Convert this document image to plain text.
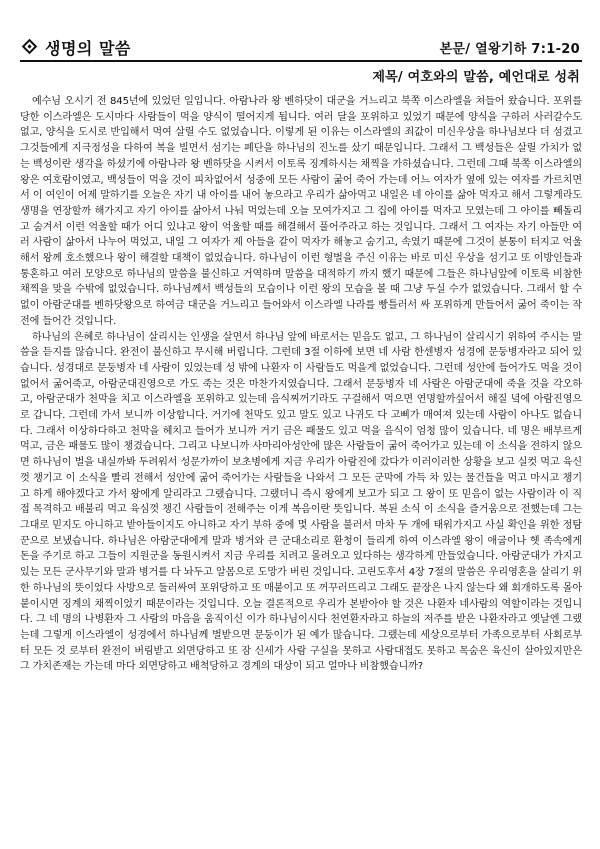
생명의 말씀	본문/ 열왕기하 7:1-20
제목/ 여호와의 말씀, 예언대로 성취

예수님 오시기 전 845년에 있었던 일입니다. 아람나라 왕 벤하닷이 대군을 거느리고 북쪽 이스라엘을 쳐들어 왔습니다. 포위를 당한 이스라엘은 도시마다 사람들이 먹을 양식이 떨어지게 됩니다. 여러 달을 포위하고 있었기 때문에 양식을 구하러 사러갈수도 없고, 양식을 도시로 반입해서 먹여 살릴 수도 없었습니다. 이렇게 된 이유는 이스라엘의 죄값이 미신우상을 하나님보다 더 섬겼고 그것들에게 지극정성을 다하여 복을 빌면서 섬기는 폐단을 하나님의 진노를 샀기 때문입니다. 그래서 그 백성들은 살릴 가치가 없는 백성이란 생각을 하셨기에 아람나라 왕 벤하닷을 시켜서 이토록 징계하시는 채찍을 가하셨습니다. 그런데 그때 북쪽 이스라엘의 왕은 여호람이였고, 백성들이 먹을 것이 피차없어서 성중에 모든 사람이 굶어 죽어 가는데 어느 여자가 옆에 있는 여자를 가르치면서 이 여인이 어제 말하기를 오늘은 자기 내 아이를 내어 놓으라고 우리가 삶아먹고 내일은 네 아이를 삶아 먹자고 해서 그렇게라도 생명을 연장할까 해가지고 자기 아이를 삶아서 나눠 먹었는데 오늘 모여가지고 그 집에 아이를 먹자고 모였는데 그 아이를 빼돌리고 숨겨서 이런 억울할 때가 어디 있냐고 왕이 억울할 때를 해결해서 풀어주라고 하는 것입니다. 그래서 그 여자는 자기 아들만 여러 사람이 삶아서 나누어 먹었고, 내일 그 여자가 제 아들을 같이 먹자가 해놓고 숨기고, 속였기 때문에 그것이 분통이 터지고 억울해서 왕께 호소했으나 왕이 해결할 대책이 없었습니다. 하나님이 이런 형벌을 주신 이유는 바로 미신 우상을 섬기고 또 이방인들과 통혼하고 여러 모양으로 하나님의 말씀을 불신하고 거역하며 말씀을 대적하기 까지 했기 때문에 그들은 하나님앞에 이토록 비참한 채찍을 맞을 수밖에 없었습니다. 하나님께서 백성들의 모습이나 이런 왕의 모습을 볼 때 그냥 두실 수가 없었습니다. 그래서 할 수 없이 아람군대를 벤하닷왕으로 하여금 대군을 거느리고 들어와서 이스라엘 나라를 빵틀러서 싸 포위하게 만들어서 굶어 죽이는 작전에 들어간 것입니다.

하나님의 은혜로 하나님이 살리시는 인생을 살면서 하나님 앞에 바로서는 믿음도 없고, 그 하나님이 살리시기 위하여 주시는 말씀을 듣지를 않습니다. 완전이 불신하고 무시해 버립니다. 그런데 3절 이하에 보면 네 사람 한센병자 성경에 문둥병자라고 되어 있습니다. 성경대로 문둥병자 네 사람이 있었는데 성 밖에 나환자 이 사람들도 먹을게 없었습니다. 그런데 성안에 들어가도 먹을 것이 없어서 굶어죽고, 아람군대진영으로 가도 죽는 것은 마찬가지였습니다. 그래서 문둥병자 네 사람은 아람군대에 죽을 것을 각오하고, 아람군대가 천막을 치고 이스라엘을 포위하고 있는데 음식찌꺼기라도 구걸해서 먹으면 연명할까싶어서 해질 녘에 아람진영으로 갑니다. 그런데 가서 보니까 이상합니다. 거기에 천막도 있고 말도 있고 나귀도 다 고삐가 매여져 있는데 사람이 아나도 없습니다. 그래서 이상하다하고 천막을 헤치고 들어가 보니까 거기 금은 패물도 있고 먹을 음식이 엄청 많이 있습니다. 네 명은 배부르게 먹고, 금은 패물도 많이 챙겼습니다. 그리고 나보니까 사마리아성안에 많은 사람들이 굶어 죽어가고 있는데 이 소식을 전하지 않으면 하나님이 벌을 내실까봐 두려워서 성문가까이 보초병에게 지금 우리가 아람진에 갔다가 이러이러한 상황을 보고 실컷 먹고 육신껏 챙기고 이 소식을 빨리 전해서 성안에 굶어 죽어가는 사람들을 나와서 그 모든 군막에 가득 차 있는 물건들을 먹고 마시고 챙기고 하게 해야겠다고 가서 왕에게 알리라고 그랬습니다. 그랬더니 즉시 왕에게 보고가 되고 그 왕이 또 믿음이 없는 사람이라 이 직접 목격하고 배불리 먹고 육심껏 챙긴 사람들이 전해주는 이게 복음이란 뜻입니다. 복된 소식 이 소식을 즐거움으로 전했는데 그는 그대로 믿지도 아니하고 받아들이지도 아니하고 자기 부하 중에 몇 사람을 불러서 마차 두 개에 태워가지고 사실 확인을 위한 정탐꾼으로 보냈습니다. 하나님은 아람군대에게 말과 병거와 큰 군대소리로 환청이 들리게 하여 이스라엘 왕이 애굽이나 헷 족속에게 돈을 주기로 하고 그들이 지원군을 동원시켜서 지금 우리를 치려고 몰려오고 있다하는 생각하게 만들었습니다. 아람군대가 가지고 있는 모든 군사무기와 말과 병거를 다 놔두고 알몸으로 도망가 버린 것입니다. 고린도후서 4장 7절의 말씀은 우리영혼을 살리기 위한 하나님의 뜻이었다 사방으로 둘러싸여 포위당하고 또 매붙이고 또 꺼꾸러뜨리고 그래도 끝장은 나지 않는다 왜 회개하도록 몰아붙이시면 징계의 채찍이었기 때문이라는 것입니다. 오늘 결론적으로 우리가 본받아야 할 것은 나환자 네사람의 역할이라는 것입니다. 그 네 명의 나병환자 그 사람의 마음을 움직이신 이가 하나님이시다 천연환자라고 하늘의 저주를 받은 나환자라고 옛날엔 그랬는데 그렇게 이스라엘이 성경에서 하나님께 벌받으면 문둥이가 된 예가 많습니다. 그랬는데 세상으로부터 가족으로부터 사회로부터 모든 것 로부터 완전이 버림받고 외면당하고 또 잠 신세가 사람 구실을 못하고 사람대접도 못하고 목숨은 육신이 살아있지만은 그 가치존재는 가는데 마다 외면당하고 배척당하고 경계의 대상이 되고 얼마나 비참했습니까?
